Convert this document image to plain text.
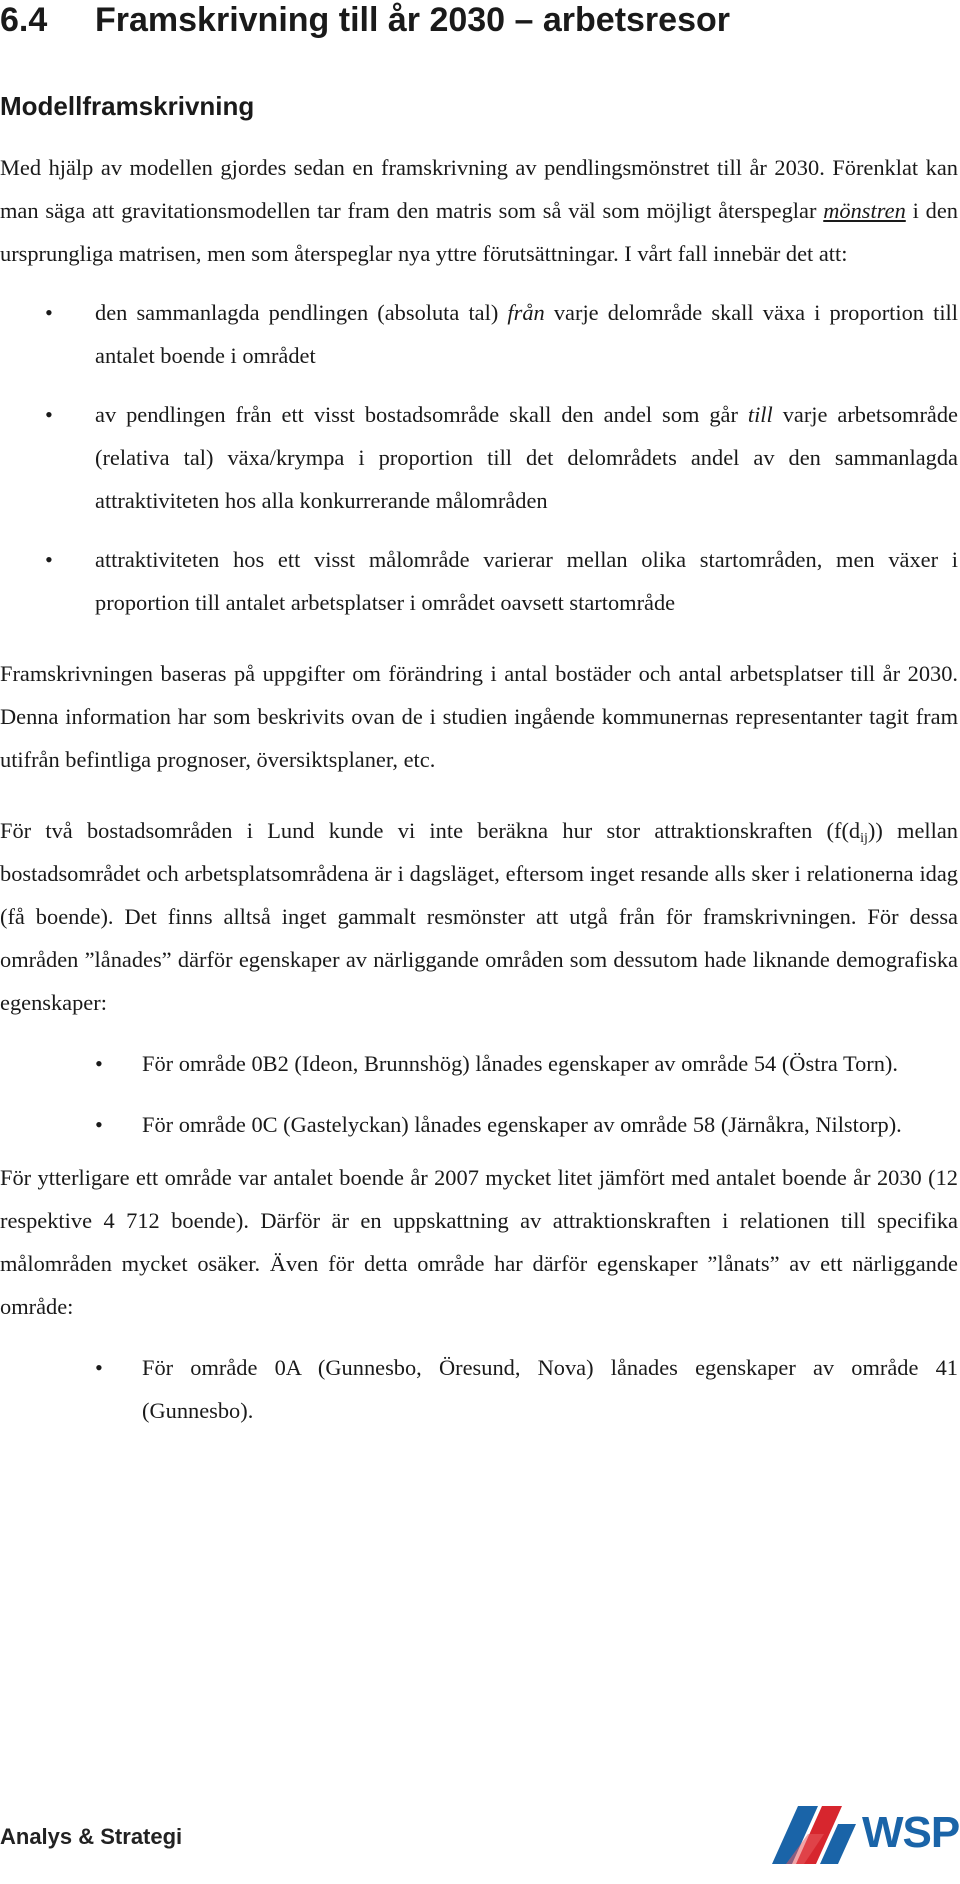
6.4 Framskrivning till år 2030 – arbetsresor
Modellframskrivning

Med hjälp av modellen gjordes sedan en framskrivning av pendlingsmönstret till år 2030. Förenklat kan man säga att gravitationsmodellen tar fram den matris som så väl som möjligt återspeglar mönstren i den ursprungliga matrisen, men som återspeglar nya yttre förutsättningar. I vårt fall innebär det att:

• den sammanlagda pendlingen (absoluta tal) från varje delområde skall växa i proportion till antalet boende i området
• av pendlingen från ett visst bostadsområde skall den andel som går till varje arbetsområde (relativa tal) växa/krympa i proportion till det delområdets andel av den sammanlagda attraktiviteten hos alla konkurrerande målområden
• attraktiviteten hos ett visst målområde varierar mellan olika startområden, men växer i proportion till antalet arbetsplatser i området oavsett startområde

Framskrivningen baseras på uppgifter om förändring i antal bostäder och antal arbetsplatser till år 2030. Denna information har som beskrivits ovan de i studien ingående kommunernas representanter tagit fram utifrån befintliga prognoser, översiktsplaner, etc.

För två bostadsområden i Lund kunde vi inte beräkna hur stor attraktionskraften $(f(d_{ij}))$ mellan bostadsområdet och arbetsplatsområdena är i dagsläget, eftersom inget resande alls sker i relationerna idag (få boende). Det finns alltså inget gammalt resmönster att utgå från för framskrivningen. För dessa områden ”lånades” därför egenskaper av närliggande områden som dessutom hade liknande demografiska egenskaper:

• För område 0B2 (Ideon, Brunnshög) lånades egenskaper av område 54 (Östra Torn).
• För område 0C (Gastelyckan) lånades egenskaper av område 58 (Järnåkra, Nilstorp).

För ytterligare ett område var antalet boende år 2007 mycket litet jämfört med antalet boende år 2030 (12 respektive 4 712 boende). Därför är en uppskattning av attraktionskraften i relationen till specifika målområden mycket osäker. Även för detta område har därför egenskaper ”lånats” av ett närliggande område:

• För område 0A (Gunnesbo, Öresund, Nova) lånades egenskaper av område 41 (Gunnesbo).
Analys & Strategi	WSP
